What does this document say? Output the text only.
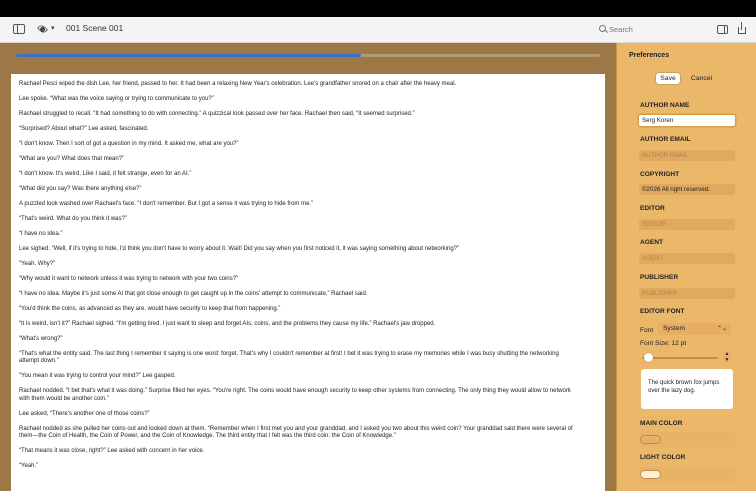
▾ 001 Scene 001
Search

Rachael Pesci wiped the dish Lee, her friend, passed to her. It had been a relaxing New Year's celebration. Lee's grandfather snored on a chair after the heavy meal.

Lee spoke. “What was the voice saying or trying to communicate to you?”

Rachael struggled to recall. “It had something to do with connecting.” A quizzical look passed over her face. Rachael then said, “It seemed surprised.”

“Surprised? About what?” Lee asked, fascinated.

“I don't know. Then I sort of got a question in my mind. It asked me, what are you?”

“What are you? What does that mean?”

“I don't know. It's weird. Like I said, it felt strange, even for an AI.”

“What did you say? Was there anything else?”

A puzzled look washed over Rachael's face. “I don't remember. But I got a sense it was trying to hide from me.”

“That's weird. What do you think it was?”

“I have no idea.”

Lee sighed. “Well, if it's trying to hide, I'd think you don't have to worry about it. Wait! Did you say when you first noticed it, it was saying something about networking?”

“Yeah. Why?”

“Why would it want to network unless it was trying to network with your two coins?”

“I have no idea. Maybe it's just some AI that got close enough to get caught up in the coins' attempt to communicate,” Rachael said.

“You'd think the coins, as advanced as they are, would have security to keep that from happening.”

“It is weird, isn't it?” Rachael sighed. “I'm getting tired. I just want to sleep and forget AIs, coins, and the problems they cause my life.” Rachael's jaw dropped.

“What's wrong?”

“That's what the entity said. The last thing I remember it saying is one word: forget. That's why I couldn't remember at first! I bet it was trying to erase my memories while I was busy shutting the networking attempt down.”

“You mean it was trying to control your mind?” Lee gasped.

Rachael nodded. “I bet that's what it was doing.” Surprise filled her eyes. “You're right. The coins would have enough security to keep other systems from connecting. The only thing they would allow to network with them would be another coin.”

Lee asked, “There's another one of those coins?”

Rachael nodded as she pulled her coins out and looked down at them. “Remember when I first met you and your granddad, and I asked you two about this weird coin? Your granddad said there were several of them—the Coin of Health, the Coin of Power, and the Coin of Knowledge. The third entity that I felt was the third coin: the Coin of Knowledge.”

“That means it was close, right?” Lee asked with concern in her voice.

“Yeah.”

Preferences
Save	Cancel
AUTHOR NAME
Serg Koren
AUTHOR EMAIL
AUTHOR EMAIL
COPYRIGHT
©2026 All right reserved.
EDITOR
EDITOR
AGENT
AGENT
PUBLISHER
PUBLISHER
EDITOR FONT
Font	System	⌃⌄
Font Size: 12 pt
▲
▼
The quick brown fox jumps over the lazy dog.
MAIN COLOR
LIGHT COLOR
